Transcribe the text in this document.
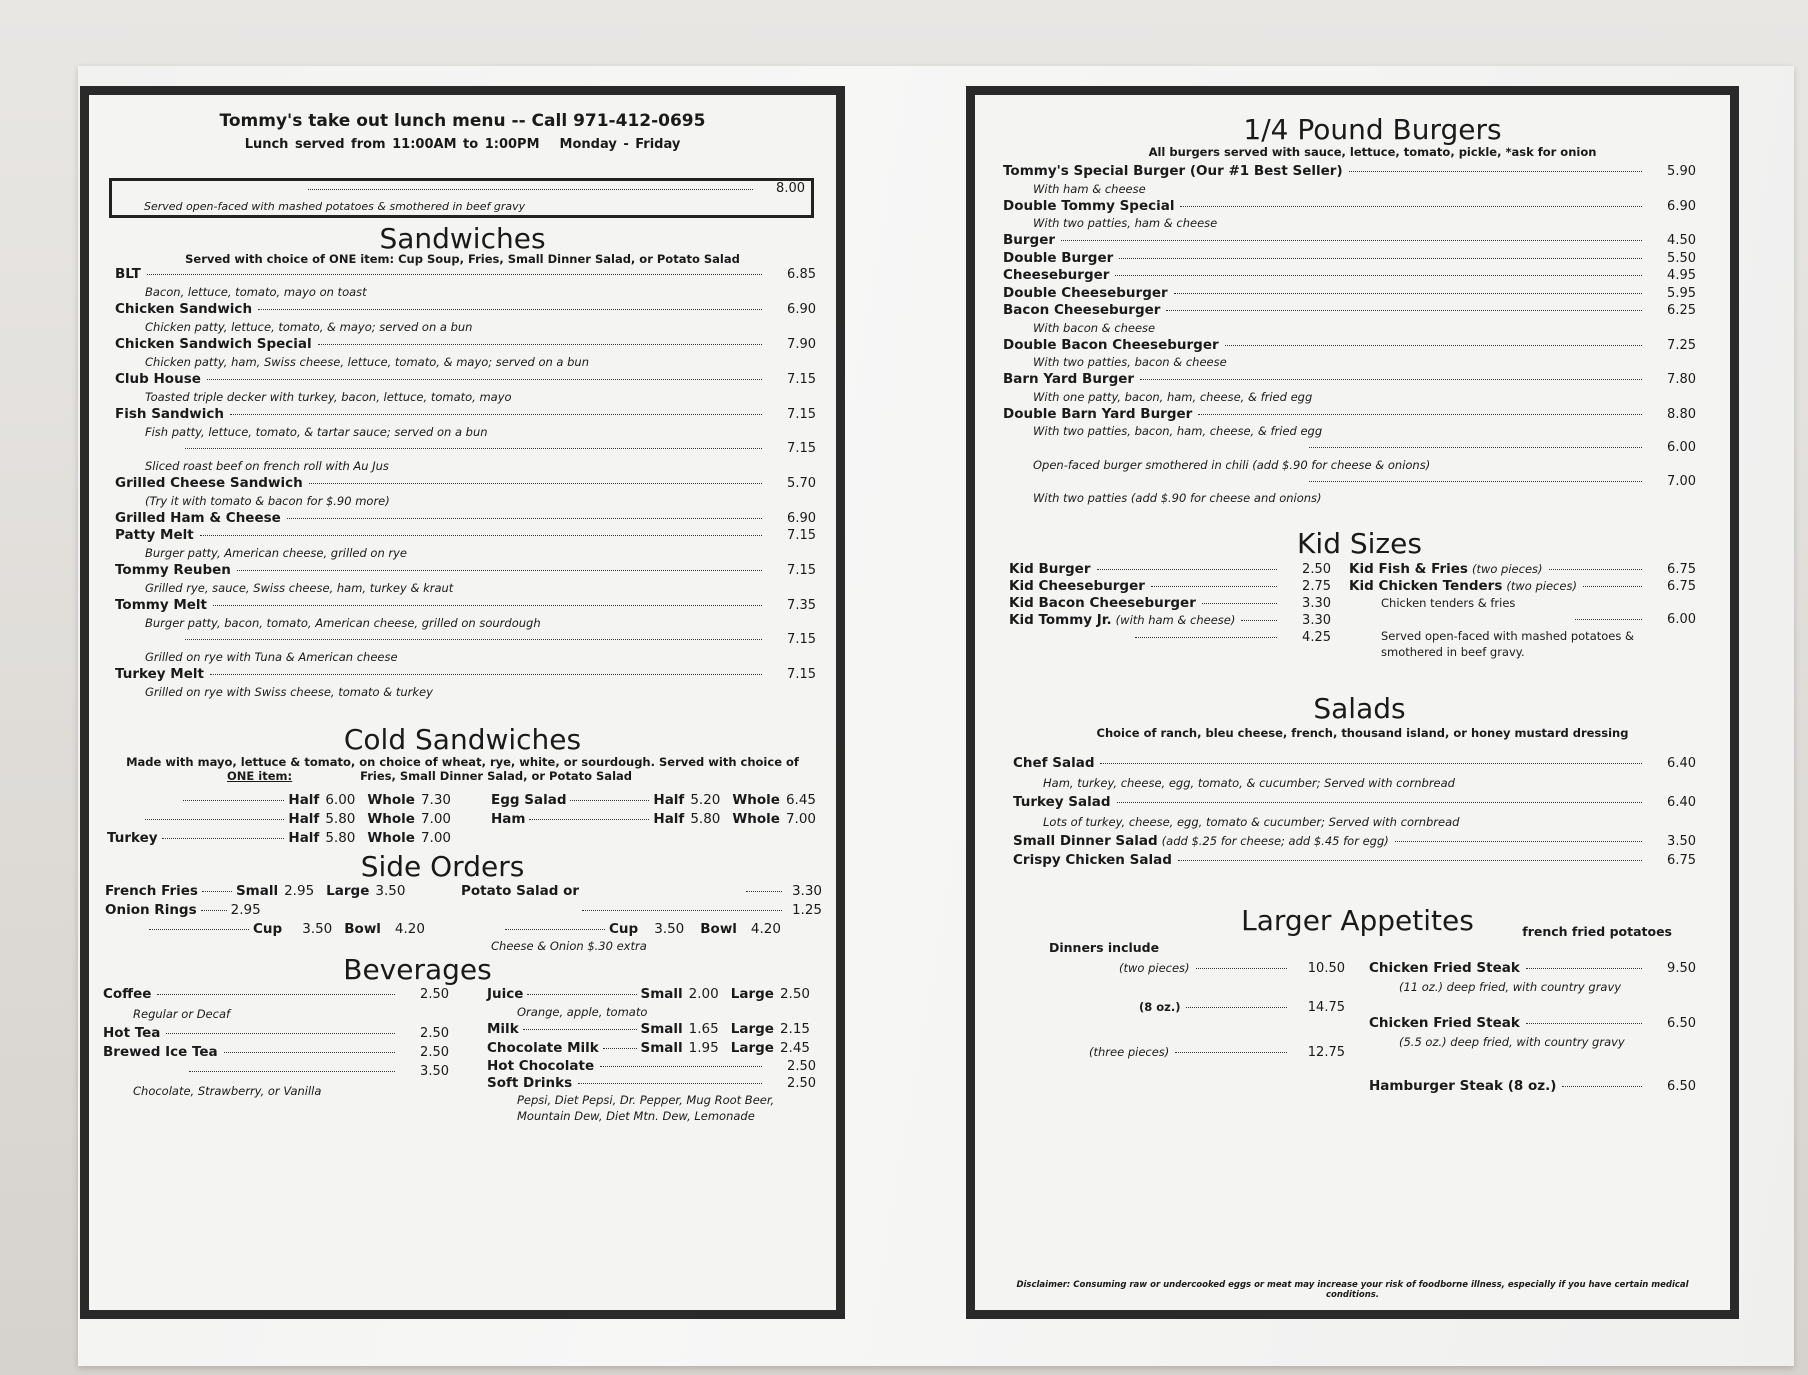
Tommy's take out lunch menu -- Call 971-412-0695
Lunch served from 11:00AM to 1:00PM Monday - Friday
8.00
Served open-faced with mashed potatoes & smothered in beef gravy
Sandwiches
Served with choice of ONE item: Cup Soup, Fries, Small Dinner Salad, or Potato Salad
BLT	6.85
Bacon, lettuce, tomato, mayo on toast
Chicken Sandwich	6.90
Chicken patty, lettuce, tomato, & mayo; served on a bun
Chicken Sandwich Special	7.90
Chicken patty, ham, Swiss cheese, lettuce, tomato, & mayo; served on a bun
Club House	7.15
Toasted triple decker with turkey, bacon, lettuce, tomato, mayo
Fish Sandwich	7.15
Fish patty, lettuce, tomato, & tartar sauce; served on a bun
7.15
Sliced roast beef on french roll with Au Jus
Grilled Cheese Sandwich	5.70
(Try it with tomato & bacon for $.90 more)
Grilled Ham & Cheese	6.90
Patty Melt	7.15
Burger patty, American cheese, grilled on rye
Tommy Reuben	7.15
Grilled rye, sauce, Swiss cheese, ham, turkey & kraut
Tommy Melt	7.35
Burger patty, bacon, tomato, American cheese, grilled on sourdough
7.15
Grilled on rye with Tuna & American cheese
Turkey Melt	7.15
Grilled on rye with Swiss cheese, tomato & turkey
Cold Sandwiches
Made with mayo, lettuce & tomato, on choice of wheat, rye, white, or sourdough. Served with choice of
ONE item:	Fries, Small Dinner Salad, or Potato Salad
Half 6.00 Whole 7.30
Half 5.80 Whole 7.00
Turkey	Half 5.80 Whole 7.00
Egg Salad	Half 5.20 Whole 6.45
Ham	Half 5.80 Whole 7.00
Side Orders
French Fries	Small 2.95 Large 3.50
Onion Rings	2.95
Cup 3.50 Bowl 4.20
Potato Salad or	3.30
1.25
Cup 3.50 Bowl 4.20
Cheese & Onion $.30 extra
Beverages
Coffee	2.50
Regular or Decaf
Hot Tea	2.50
Brewed Ice Tea	2.50
3.50
Chocolate, Strawberry, or Vanilla
Juice	Small 2.00 Large 2.50
Orange, apple, tomato
Milk	Small 1.65 Large 2.15
Chocolate Milk	Small 1.95 Large 2.45
Hot Chocolate	2.50
Soft Drinks	2.50
Pepsi, Diet Pepsi, Dr. Pepper, Mug Root Beer,
Mountain Dew, Diet Mtn. Dew, Lemonade
1/4 Pound Burgers
All burgers served with sauce, lettuce, tomato, pickle, *ask for onion
Tommy's Special Burger (Our #1 Best Seller)	5.90
With ham & cheese
Double Tommy Special	6.90
With two patties, ham & cheese
Burger	4.50
Double Burger	5.50
Cheeseburger	4.95
Double Cheeseburger	5.95
Bacon Cheeseburger	6.25
With bacon & cheese
Double Bacon Cheeseburger	7.25
With two patties, bacon & cheese
Barn Yard Burger	7.80
With one patty, bacon, ham, cheese, & fried egg
Double Barn Yard Burger	8.80
With two patties, bacon, ham, cheese, & fried egg
6.00
Open-faced burger smothered in chili (add $.90 for cheese & onions)
7.00
With two patties (add $.90 for cheese and onions)
Kid Sizes
Kid Burger	2.50
Kid Cheeseburger	2.75
Kid Bacon Cheeseburger	3.30
Kid Tommy Jr. (with ham & cheese)	3.30
4.25
Kid Fish & Fries (two pieces)	6.75
Kid Chicken Tenders (two pieces)	6.75
Chicken tenders & fries
6.00
Served open-faced with mashed potatoes & smothered in beef gravy.
Salads
Choice of ranch, bleu cheese, french, thousand island, or honey mustard dressing
Chef Salad	6.40
Ham, turkey, cheese, egg, tomato, & cucumber; Served with cornbread
Turkey Salad	6.40
Lots of turkey, cheese, egg, tomato & cucumber; Served with cornbread
Small Dinner Salad (add $.25 for cheese; add $.45 for egg)	3.50
Crispy Chicken Salad	6.75
Larger Appetites
Dinners include
french fried potatoes
(two pieces)	10.50
(8 oz.)	14.75
(three pieces)	12.75
Chicken Fried Steak	9.50
(11 oz.) deep fried, with country gravy
Chicken Fried Steak	6.50
(5.5 oz.) deep fried, with country gravy
Hamburger Steak (8 oz.)	6.50
Disclaimer: Consuming raw or undercooked eggs or meat may increase your risk of foodborne illness, especially if you have certain medical conditions.
